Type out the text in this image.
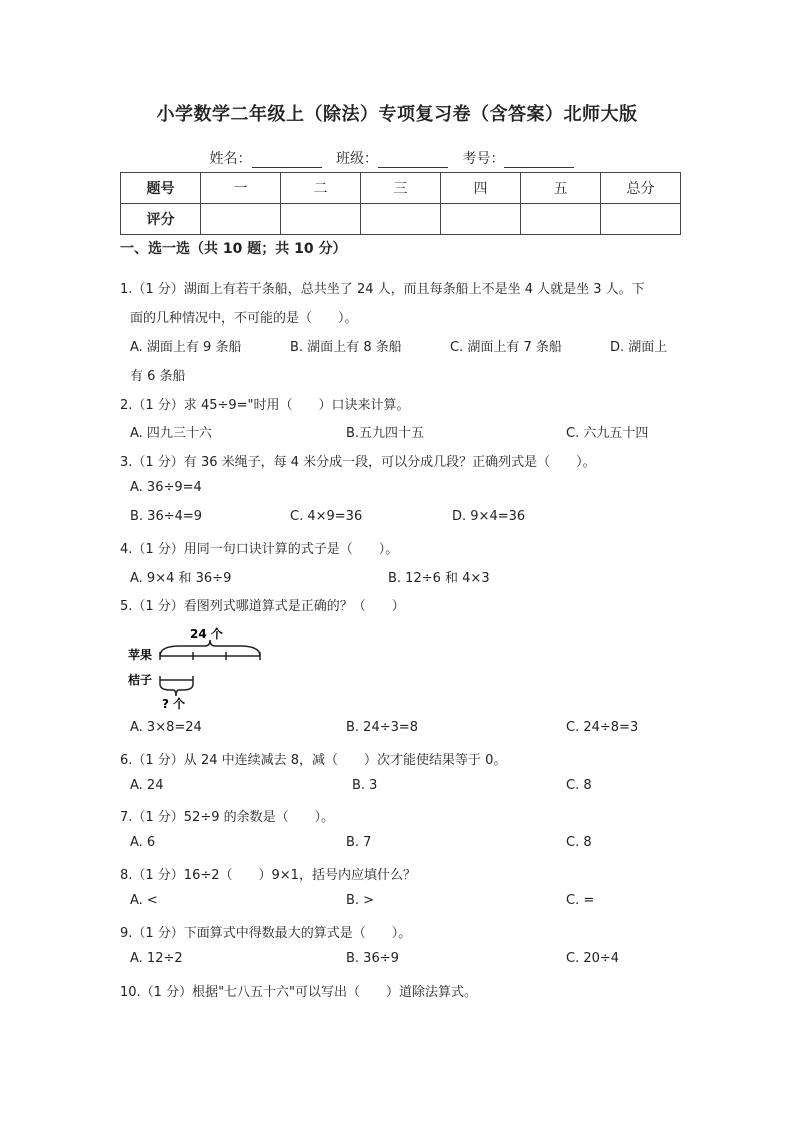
小学数学二年级上（除法）专项复习卷（含答案）北师大版
姓名：	班级：	考号：
题号	一	二	三	四	五	总分
评分						
一、选一选（共 10 题；共 10 分）
1.（1 分）湖面上有若干条船，总共坐了 24 人，而且每条船上不是坐 4 人就是坐 3 人。下
面的几种情况中，不可能的是（　　）。
A. 湖面上有 9 条船	B. 湖面上有 8 条船	C. 湖面上有 7 条船	D. 湖面上
有 6 条船
2.（1 分）求 45÷9="时用（　　）口诀来计算。
A. 四九三十六	B.五九四十五	C. 六九五十四
3.（1 分）有 36 米绳子，每 4 米分成一段，可以分成几段？正确列式是（　　）。
A. 36÷9=4
B. 36÷4=9	C. 4×9=36	D. 9×4=36
4.（1 分）用同一句口诀计算的式子是（　　）。
A. 9×4 和 36÷9	B. 12÷6 和 4×3
5.（1 分）看图列式哪道算式是正确的？（　　）
24 个
苹果
桔子
? 个
A. 3×8=24	B. 24÷3=8	C. 24÷8=3
6.（1 分）从 24 中连续减去 8，减（　　）次才能使结果等于 0。
A. 24	B. 3	C. 8
7.（1 分）52÷9 的余数是（　　）。
A. 6	B. 7	C. 8
8.（1 分）16÷2（　　）9×1，括号内应填什么？
A. <	B. >	C. =
9.（1 分）下面算式中得数最大的算式是（　　）。
A. 12÷2	B. 36÷9	C. 20÷4
10.（1 分）根据"七八五十六"可以写出（　　）道除法算式。
